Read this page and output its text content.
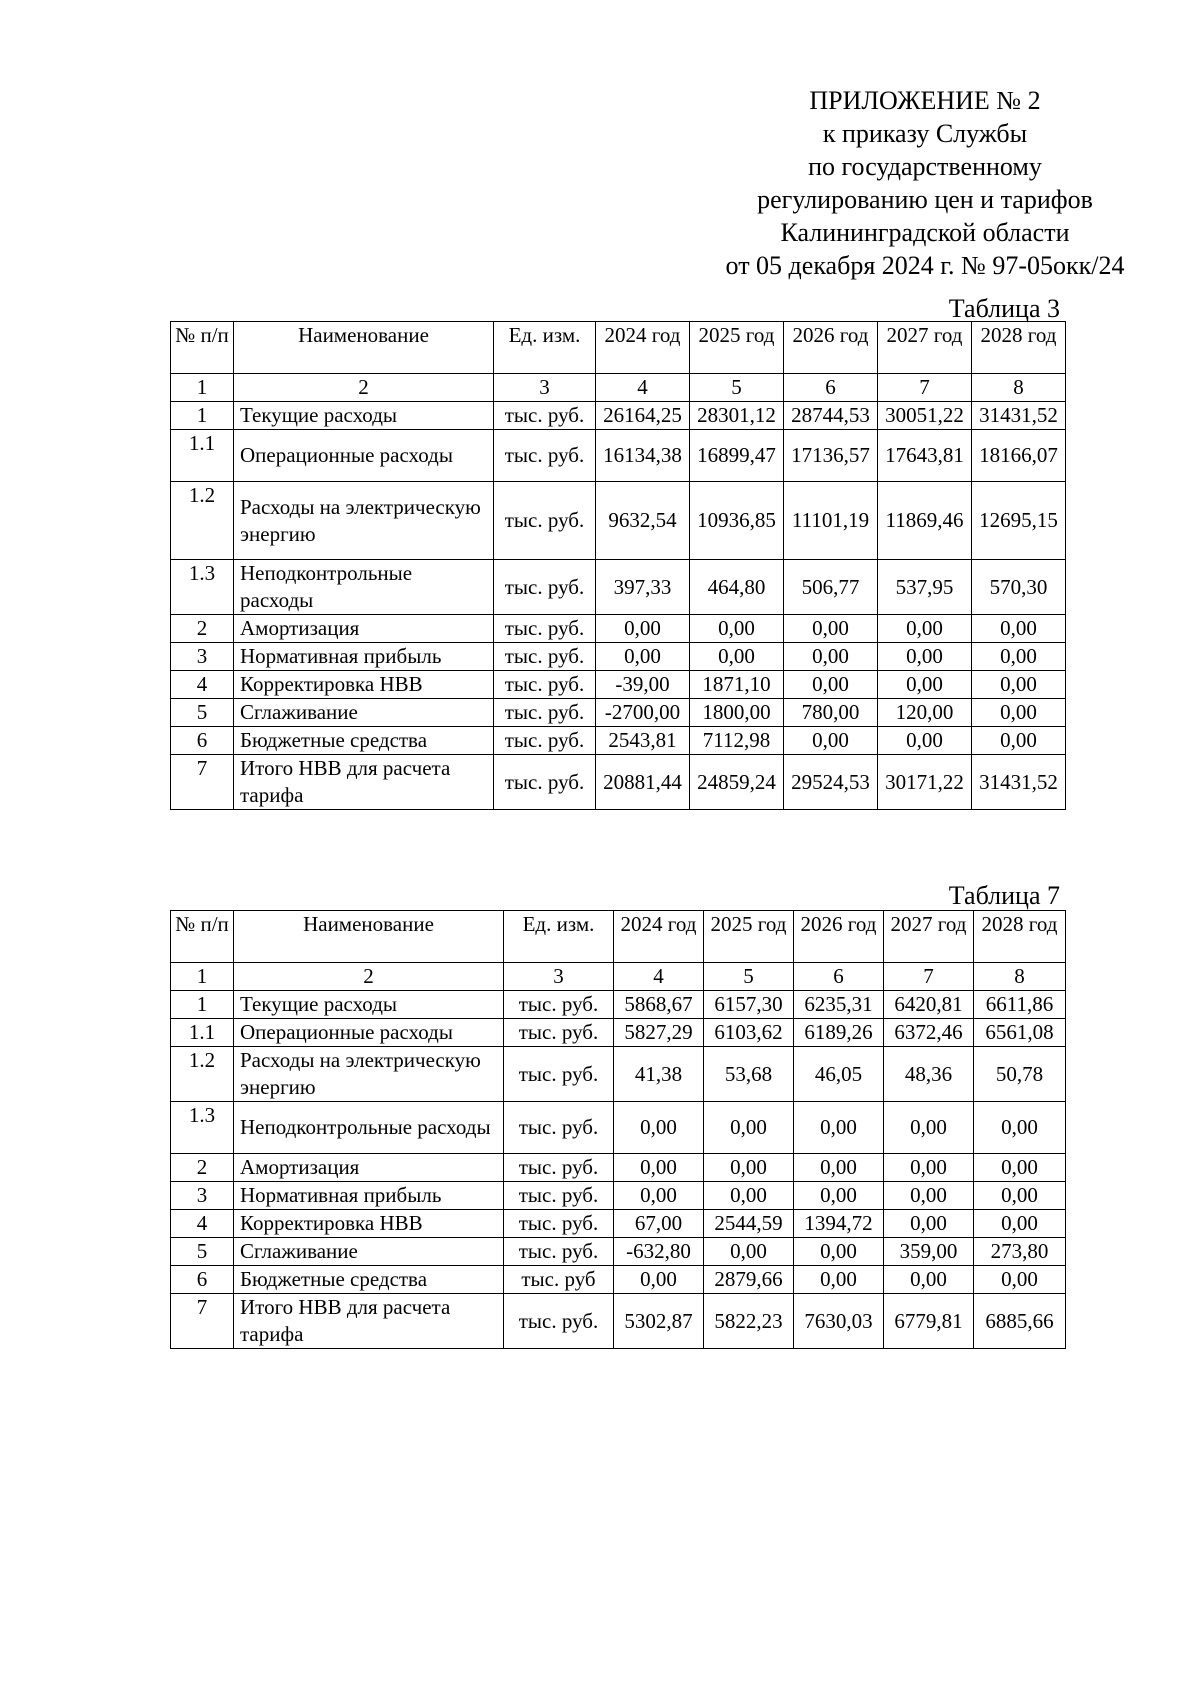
ПРИЛОЖЕНИЕ № 2
к приказу Службы
по государственному
регулированию цен и тарифов
Калининградской области
от 05 декабря 2024 г. № 97-05окк/24
Таблица 3
№ п/п	Наименование	Ед. изм.	2024 год	2025 год	2026 год	2027 год	2028 год
1	2	3	4	5	6	7	8
1	Текущие расходы	тыс. руб.	26164,25	28301,12	28744,53	30051,22	31431,52
1.1	Операционные расходы	тыс. руб.	16134,38	16899,47	17136,57	17643,81	18166,07
1.2	Расходы на электрическую энергию	тыс. руб.	9632,54	10936,85	11101,19	11869,46	12695,15
1.3	Неподконтрольные расходы	тыс. руб.	397,33	464,80	506,77	537,95	570,30
2	Амортизация	тыс. руб.	0,00	0,00	0,00	0,00	0,00
3	Нормативная прибыль	тыс. руб.	0,00	0,00	0,00	0,00	0,00
4	Корректировка НВВ	тыс. руб.	-39,00	1871,10	0,00	0,00	0,00
5	Сглаживание	тыс. руб.	-2700,00	1800,00	780,00	120,00	0,00
6	Бюджетные средства	тыс. руб.	2543,81	7112,98	0,00	0,00	0,00
7	Итого НВВ для расчета тарифа	тыс. руб.	20881,44	24859,24	29524,53	30171,22	31431,52
Таблица 7
№ п/п	Наименование	Ед. изм.	2024 год	2025 год	2026 год	2027 год	2028 год
1	2	3	4	5	6	7	8
1	Текущие расходы	тыс. руб.	5868,67	6157,30	6235,31	6420,81	6611,86
1.1	Операционные расходы	тыс. руб.	5827,29	6103,62	6189,26	6372,46	6561,08
1.2	Расходы на электрическую энергию	тыс. руб.	41,38	53,68	46,05	48,36	50,78
1.3	Неподконтрольные расходы	тыс. руб.	0,00	0,00	0,00	0,00	0,00
2	Амортизация	тыс. руб.	0,00	0,00	0,00	0,00	0,00
3	Нормативная прибыль	тыс. руб.	0,00	0,00	0,00	0,00	0,00
4	Корректировка НВВ	тыс. руб.	67,00	2544,59	1394,72	0,00	0,00
5	Сглаживание	тыс. руб.	-632,80	0,00	0,00	359,00	273,80
6	Бюджетные средства	тыс. руб	0,00	2879,66	0,00	0,00	0,00
7	Итого НВВ для расчета тарифа	тыс. руб.	5302,87	5822,23	7630,03	6779,81	6885,66
